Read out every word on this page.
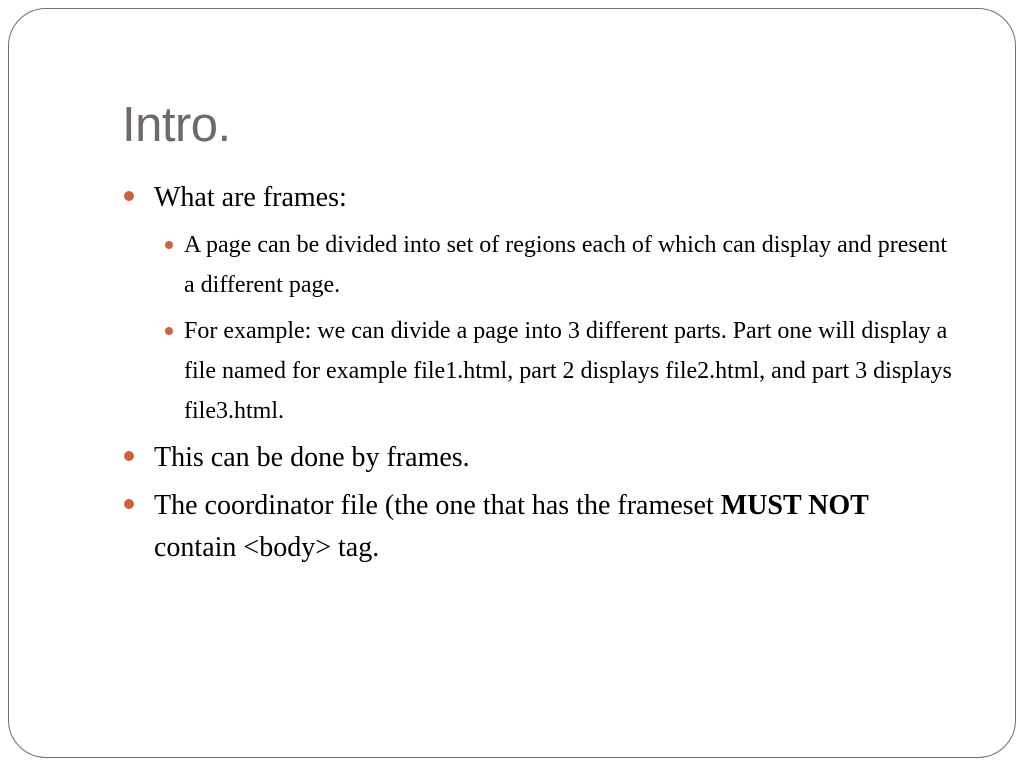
Intro.
What are frames:
A page can be divided into set of regions each of which can display and present a different page.
For example: we can divide a page into 3 different parts. Part one will display a file named for example file1.html, part 2 displays file2.html, and part 3 displays file3.html.
This can be done by frames.
The coordinator file (the one that has the frameset MUST NOT contain <body> tag.
